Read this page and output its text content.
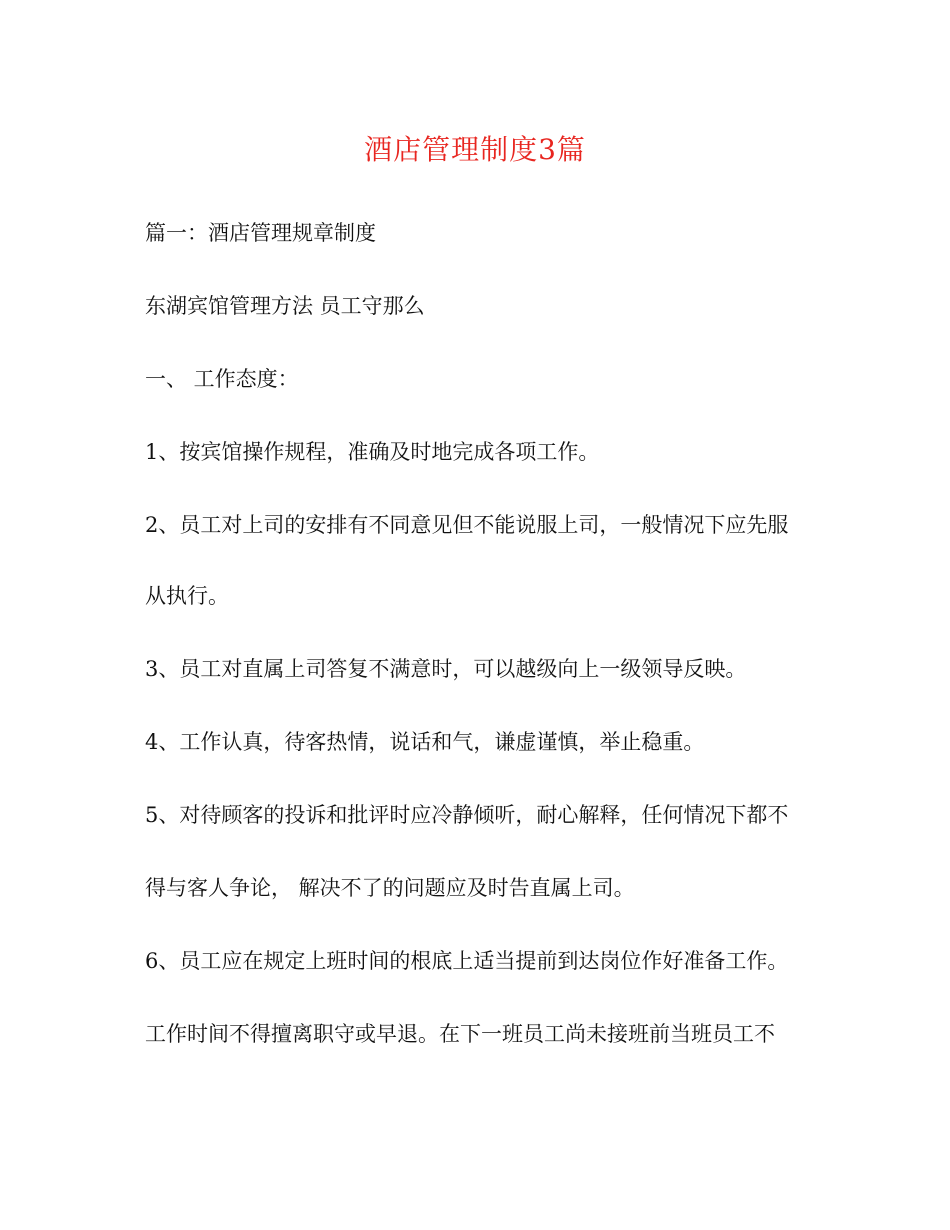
酒店管理制度3篇
篇一：酒店管理规章制度
东湖宾馆管理方法 员工守那么
一、 工作态度：
1、按宾馆操作规程，准确及时地完成各项工作。
2、员工对上司的安排有不同意见但不能说服上司，一般情况下应先服
从执行。
3、员工对直属上司答复不满意时，可以越级向上一级领导反映。
4、工作认真，待客热情，说话和气，谦虚谨慎，举止稳重。
5、对待顾客的投诉和批评时应冷静倾听，耐心解释，任何情况下都不
得与客人争论， 解决不了的问题应及时告直属上司。
6、员工应在规定上班时间的根底上适当提前到达岗位作好准备工作。
工作时间不得擅离职守或早退。在下一班员工尚未接班前当班员工不
